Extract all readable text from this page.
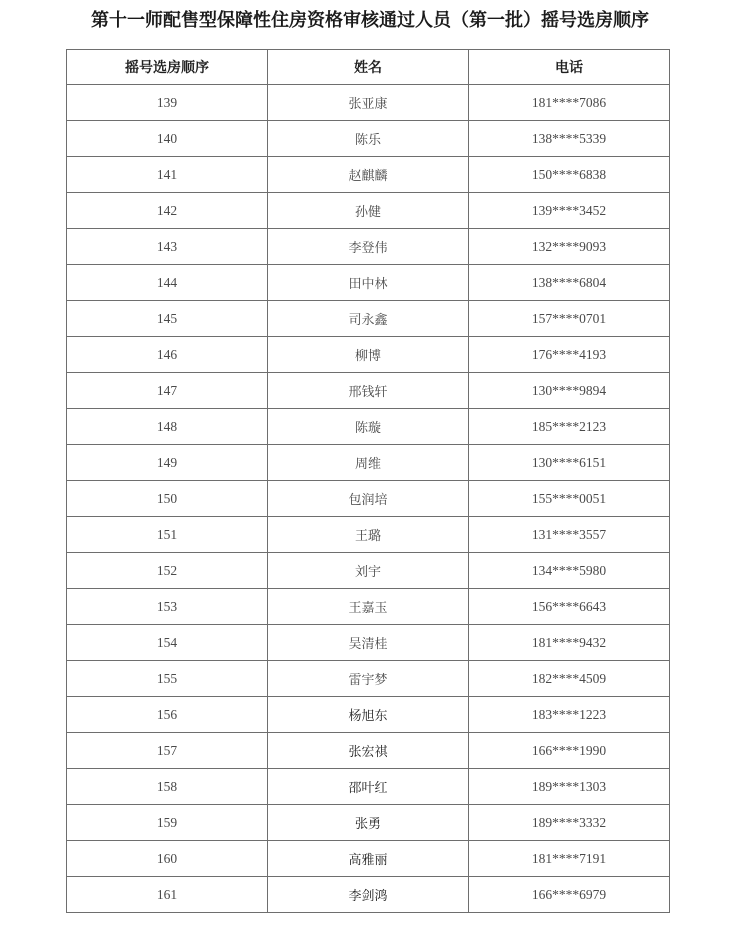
第十一师配售型保障性住房资格审核通过人员（第一批）摇号选房顺序
摇号选房顺序	姓名	电话
139	张亚康	181****7086
140	陈乐	138****5339
141	赵麒麟	150****6838
142	孙健	139****3452
143	李登伟	132****9093
144	田中林	138****6804
145	司永鑫	157****0701
146	柳博	176****4193
147	邢钱轩	130****9894
148	陈璇	185****2123
149	周维	130****6151
150	包润培	155****0051
151	王璐	131****3557
152	刘宇	134****5980
153	王嘉玉	156****6643
154	吴清桂	181****9432
155	雷宇梦	182****4509
156	杨旭东	183****1223
157	张宏祺	166****1990
158	邵叶红	189****1303
159	张勇	189****3332
160	高雅丽	181****7191
161	李剑鸿	166****6979
